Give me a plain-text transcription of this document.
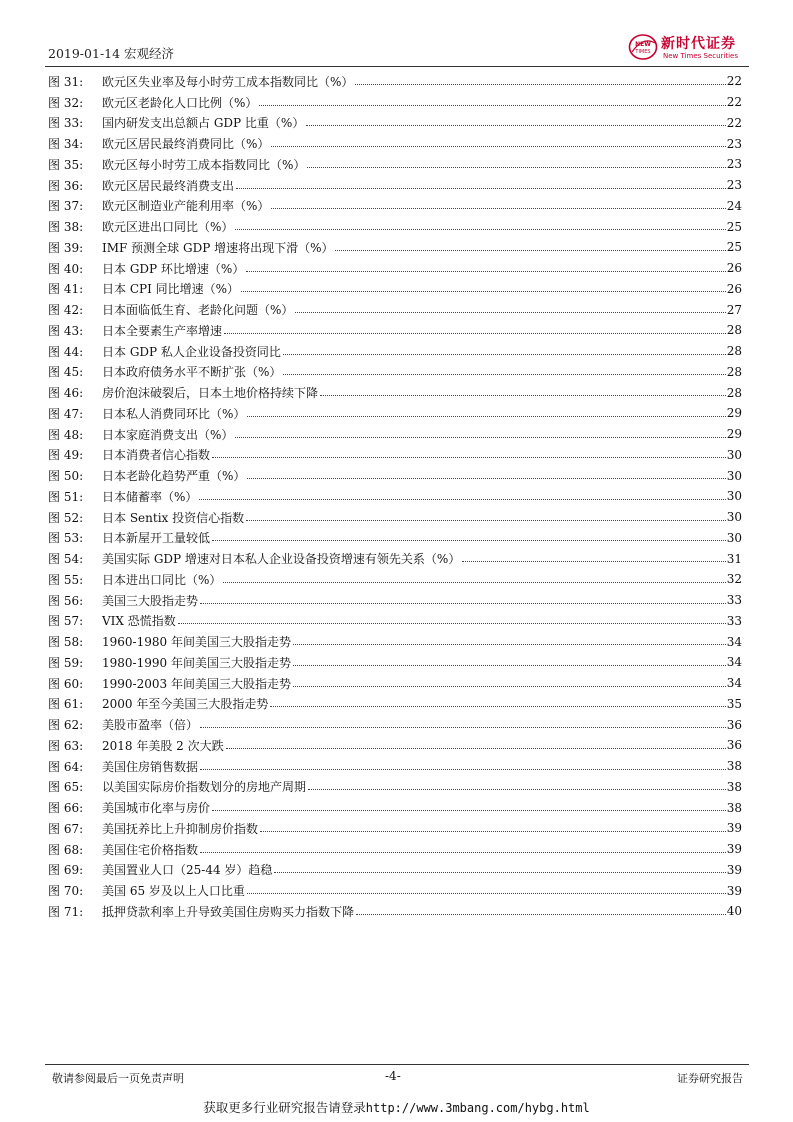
2019-01-14 宏观经济
NEW
TIMES 新时代证券
New Times Securities
图 31:	欧元区失业率及每小时劳工成本指数同比（%）	22
图 32:	欧元区老龄化人口比例（%）	22
图 33:	国内研发支出总额占 GDP 比重（%）	22
图 34:	欧元区居民最终消费同比（%）	23
图 35:	欧元区每小时劳工成本指数同比（%）	23
图 36:	欧元区居民最终消费支出	23
图 37:	欧元区制造业产能利用率（%）	24
图 38:	欧元区进出口同比（%）	25
图 39:	IMF 预测全球 GDP 增速将出现下滑（%）	25
图 40:	日本 GDP 环比增速（%）	26
图 41:	日本 CPI 同比增速（%）	26
图 42:	日本面临低生育、老龄化问题（%）	27
图 43:	日本全要素生产率增速	28
图 44:	日本 GDP 私人企业设备投资同比	28
图 45:	日本政府债务水平不断扩张（%）	28
图 46:	房价泡沫破裂后，日本土地价格持续下降	28
图 47:	日本私人消费同环比（%）	29
图 48:	日本家庭消费支出（%）	29
图 49:	日本消费者信心指数	30
图 50:	日本老龄化趋势严重（%）	30
图 51:	日本储蓄率（%）	30
图 52:	日本 Sentix 投资信心指数	30
图 53:	日本新屋开工量较低	30
图 54:	美国实际 GDP 增速对日本私人企业设备投资增速有领先关系（%）	31
图 55:	日本进出口同比（%）	32
图 56:	美国三大股指走势	33
图 57:	VIX 恐慌指数	33
图 58:	1960-1980 年间美国三大股指走势	34
图 59:	1980-1990 年间美国三大股指走势	34
图 60:	1990-2003 年间美国三大股指走势	34
图 61:	2000 年至今美国三大股指走势	35
图 62:	美股市盈率（倍）	36
图 63:	2018 年美股 2 次大跌	36
图 64:	美国住房销售数据	38
图 65:	以美国实际房价指数划分的房地产周期	38
图 66:	美国城市化率与房价	38
图 67:	美国抚养比上升抑制房价指数	39
图 68:	美国住宅价格指数	39
图 69:	美国置业人口（25-44 岁）趋稳	39
图 70:	美国 65 岁及以上人口比重	39
图 71:	抵押贷款利率上升导致美国住房购买力指数下降	40
敬请参阅最后一页免责声明	-4-	证券研究报告
获取更多行业研究报告请登录http://www.3mbang.com/hybg.html
